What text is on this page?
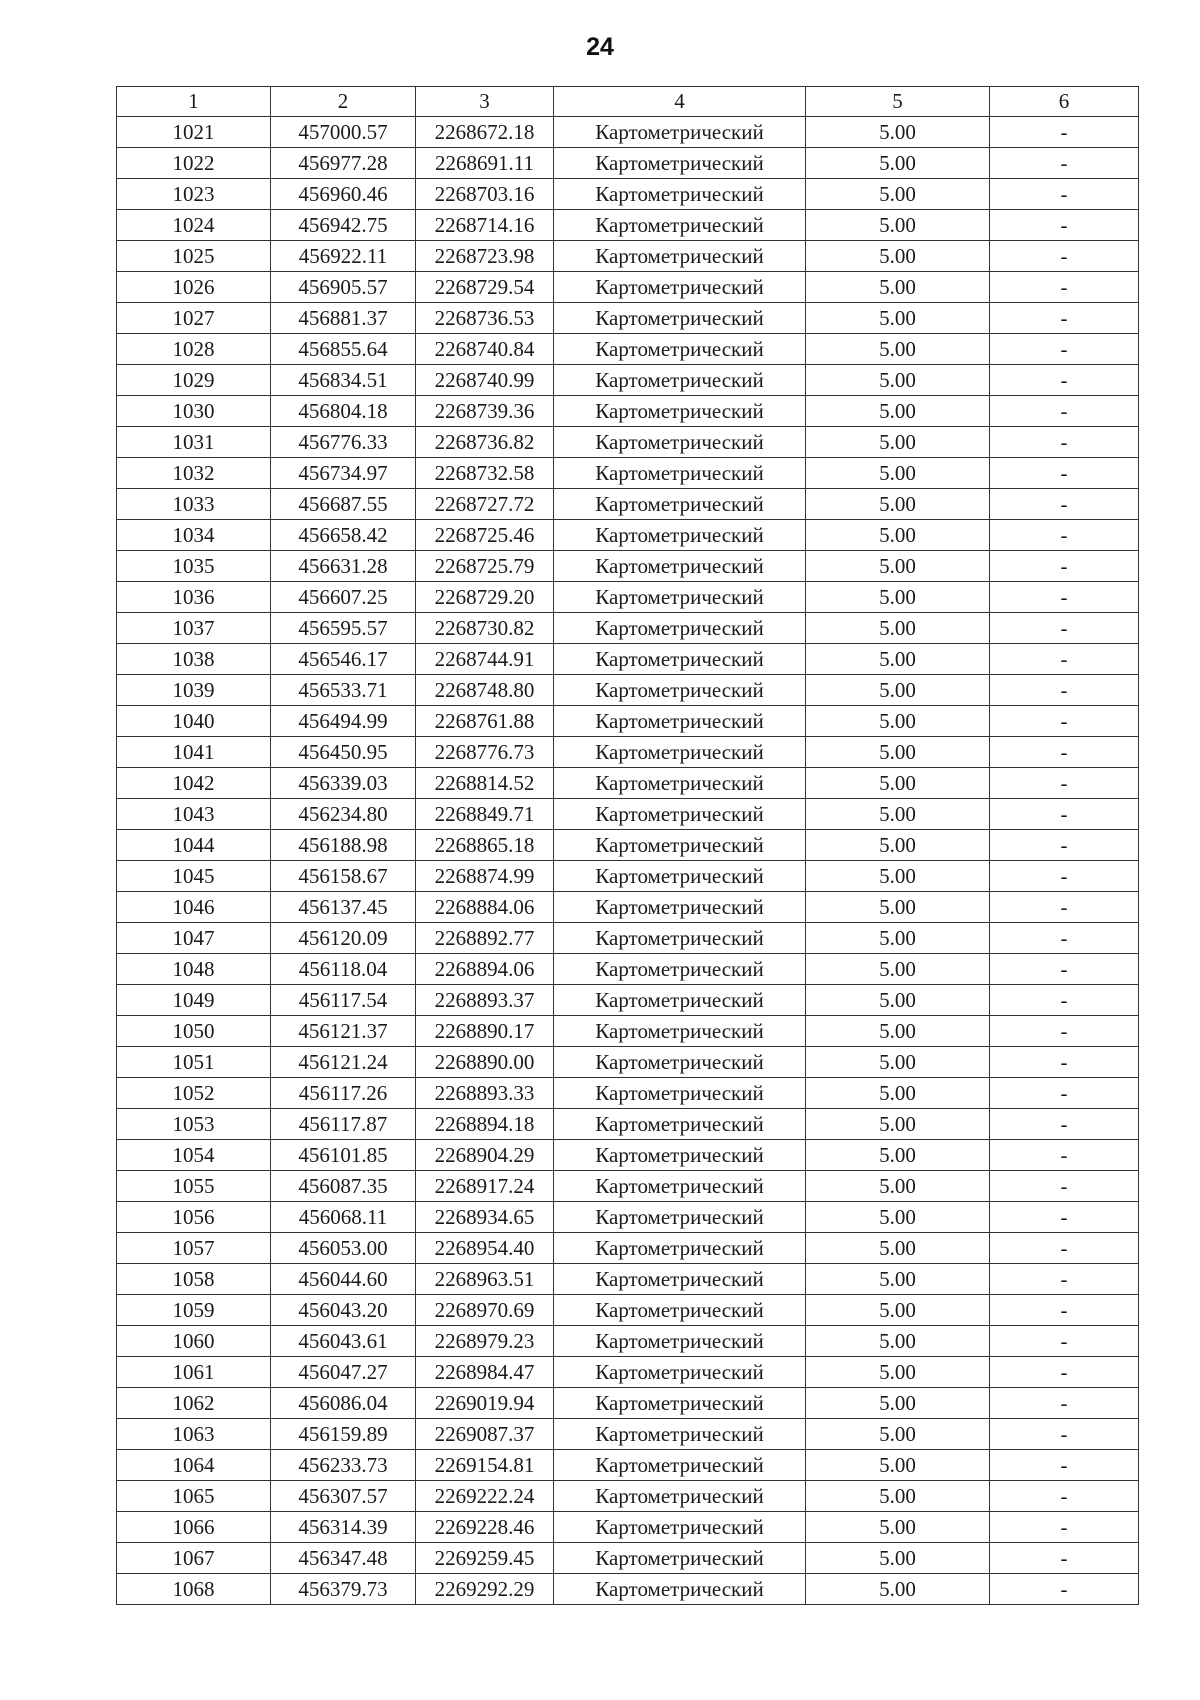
24
1	2	3	4	5	6
1021	457000.57	2268672.18	Картометрический	5.00	-
1022	456977.28	2268691.11	Картометрический	5.00	-
1023	456960.46	2268703.16	Картометрический	5.00	-
1024	456942.75	2268714.16	Картометрический	5.00	-
1025	456922.11	2268723.98	Картометрический	5.00	-
1026	456905.57	2268729.54	Картометрический	5.00	-
1027	456881.37	2268736.53	Картометрический	5.00	-
1028	456855.64	2268740.84	Картометрический	5.00	-
1029	456834.51	2268740.99	Картометрический	5.00	-
1030	456804.18	2268739.36	Картометрический	5.00	-
1031	456776.33	2268736.82	Картометрический	5.00	-
1032	456734.97	2268732.58	Картометрический	5.00	-
1033	456687.55	2268727.72	Картометрический	5.00	-
1034	456658.42	2268725.46	Картометрический	5.00	-
1035	456631.28	2268725.79	Картометрический	5.00	-
1036	456607.25	2268729.20	Картометрический	5.00	-
1037	456595.57	2268730.82	Картометрический	5.00	-
1038	456546.17	2268744.91	Картометрический	5.00	-
1039	456533.71	2268748.80	Картометрический	5.00	-
1040	456494.99	2268761.88	Картометрический	5.00	-
1041	456450.95	2268776.73	Картометрический	5.00	-
1042	456339.03	2268814.52	Картометрический	5.00	-
1043	456234.80	2268849.71	Картометрический	5.00	-
1044	456188.98	2268865.18	Картометрический	5.00	-
1045	456158.67	2268874.99	Картометрический	5.00	-
1046	456137.45	2268884.06	Картометрический	5.00	-
1047	456120.09	2268892.77	Картометрический	5.00	-
1048	456118.04	2268894.06	Картометрический	5.00	-
1049	456117.54	2268893.37	Картометрический	5.00	-
1050	456121.37	2268890.17	Картометрический	5.00	-
1051	456121.24	2268890.00	Картометрический	5.00	-
1052	456117.26	2268893.33	Картометрический	5.00	-
1053	456117.87	2268894.18	Картометрический	5.00	-
1054	456101.85	2268904.29	Картометрический	5.00	-
1055	456087.35	2268917.24	Картометрический	5.00	-
1056	456068.11	2268934.65	Картометрический	5.00	-
1057	456053.00	2268954.40	Картометрический	5.00	-
1058	456044.60	2268963.51	Картометрический	5.00	-
1059	456043.20	2268970.69	Картометрический	5.00	-
1060	456043.61	2268979.23	Картометрический	5.00	-
1061	456047.27	2268984.47	Картометрический	5.00	-
1062	456086.04	2269019.94	Картометрический	5.00	-
1063	456159.89	2269087.37	Картометрический	5.00	-
1064	456233.73	2269154.81	Картометрический	5.00	-
1065	456307.57	2269222.24	Картометрический	5.00	-
1066	456314.39	2269228.46	Картометрический	5.00	-
1067	456347.48	2269259.45	Картометрический	5.00	-
1068	456379.73	2269292.29	Картометрический	5.00	-
